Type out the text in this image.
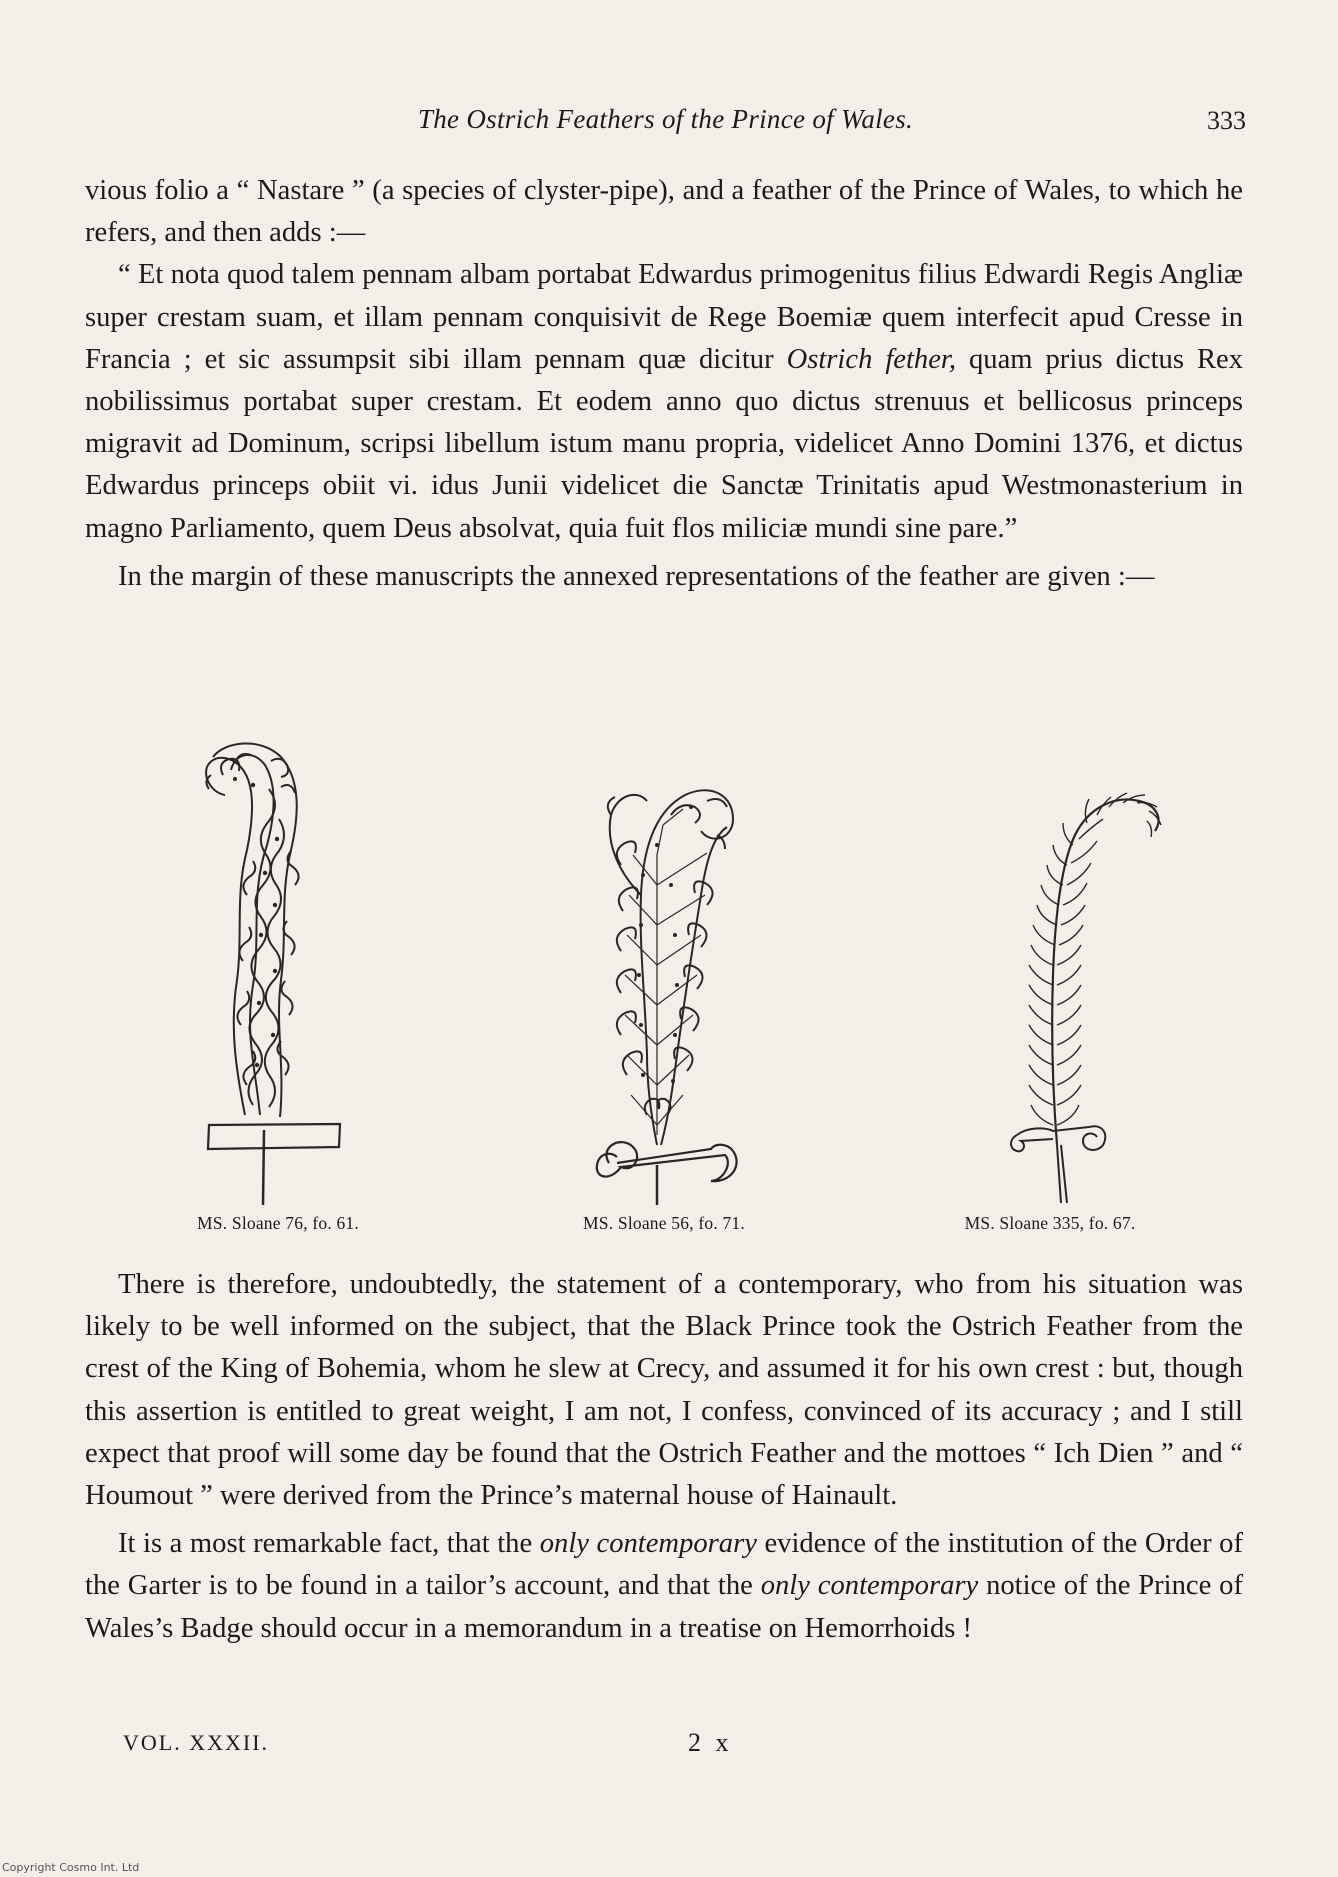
The Ostrich Feathers of the Prince of Wales.	333

vious folio a “ Nastare ” (a species of clyster-pipe), and a feather of the Prince of Wales, to which he refers, and then adds :—

“ Et nota quod talem pennam albam portabat Edwardus primogenitus filius Edwardi Regis Angliæ super crestam suam, et illam pennam conquisivit de Rege Boemiæ quem interfecit apud Cresse in Francia ; et sic assumpsit sibi illam pennam quæ dicitur Ostrich fether, quam prius dictus Rex nobilissimus portabat super crestam. Et eodem anno quo dictus strenuus et bellicosus princeps migravit ad Dominum, scripsi libellum istum manu propria, videlicet Anno Domini 1376, et dictus Edwardus princeps obiit vi. idus Junii videlicet die Sanctæ Trinitatis apud Westmonasterium in magno Parliamento, quem Deus absolvat, quia fuit flos miliciæ mundi sine pare.”

In the margin of these manuscripts the annexed representations of the feather are given :—

MS. Sloane 76, fo. 61.	MS. Sloane 56, fo. 71.	MS. Sloane 335, fo. 67.

There is therefore, undoubtedly, the statement of a contemporary, who from his situation was likely to be well informed on the subject, that the Black Prince took the Ostrich Feather from the crest of the King of Bohemia, whom he slew at Crecy, and assumed it for his own crest : but, though this assertion is entitled to great weight, I am not, I confess, convinced of its accuracy ; and I still expect that proof will some day be found that the Ostrich Feather and the mottoes “ Ich Dien ” and “ Houmout ” were derived from the Prince’s maternal house of Hainault.

It is a most remarkable fact, that the only contemporary evidence of the institution of the Order of the Garter is to be found in a tailor’s account, and that the only contemporary notice of the Prince of Wales’s Badge should occur in a memorandum in a treatise on Hemorrhoids !

VOL. XXXII.	2 x
Copyright Cosmo Int. Ltd
